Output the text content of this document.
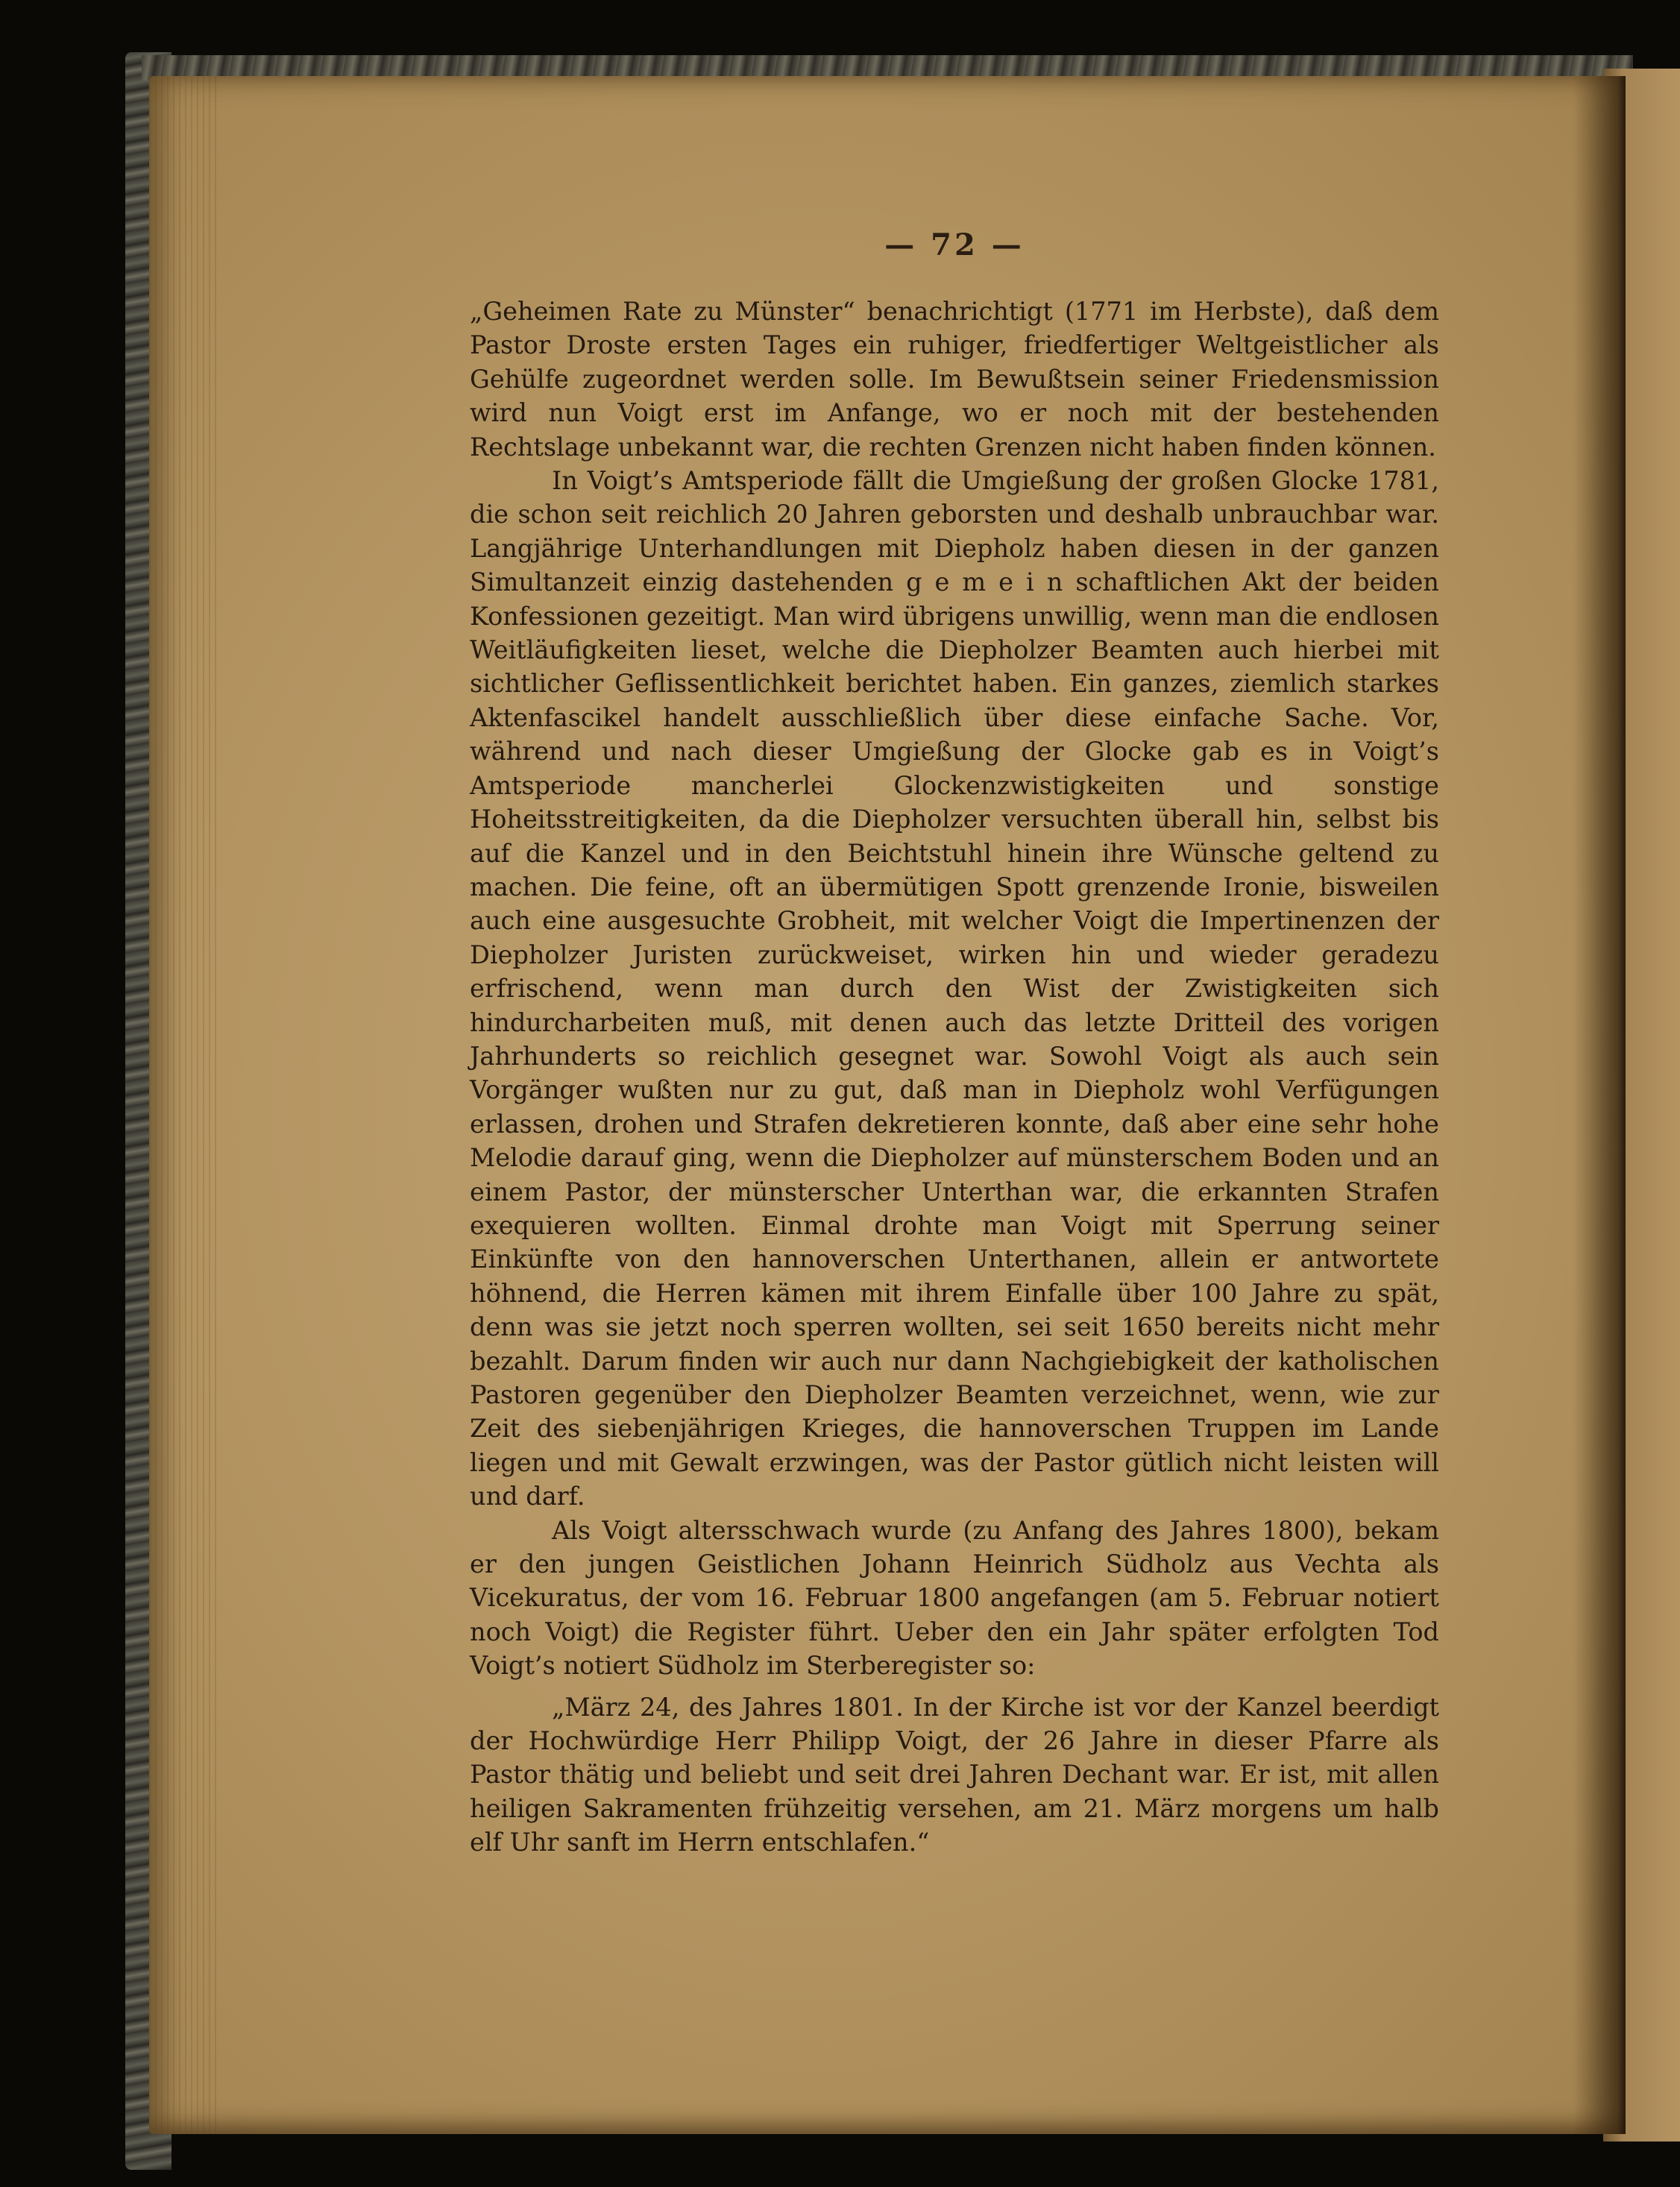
— 72 —

„Geheimen Rate zu Münster“ benachrichtigt (1771 im Herbste), daß dem Pastor Droste ersten Tages ein ruhiger, friedfertiger Weltgeistlicher als Gehülfe zugeordnet werden solle. Im Bewußtsein seiner Friedensmission wird nun Voigt erst im Anfange, wo er noch mit der bestehenden Rechtslage unbekannt war, die rechten Grenzen nicht haben finden können.

In Voigt’s Amtsperiode fällt die Umgießung der großen Glocke 1781, die schon seit reichlich 20 Jahren geborsten und deshalb unbrauchbar war. Langjährige Unterhandlungen mit Diepholz haben diesen in der ganzen Simultanzeit einzig dastehenden g e m e i n schaftlichen Akt der beiden Konfessionen gezeitigt. Man wird übrigens unwillig, wenn man die endlosen Weitläufigkeiten lieset, welche die Diepholzer Beamten auch hierbei mit sichtlicher Geflissentlichkeit berichtet haben. Ein ganzes, ziemlich starkes Aktenfascikel handelt ausschließlich über diese einfache Sache. Vor, während und nach dieser Umgießung der Glocke gab es in Voigt’s Amtsperiode mancherlei Glockenzwistigkeiten und sonstige Hoheitsstreitigkeiten, da die Diepholzer versuchten überall hin, selbst bis auf die Kanzel und in den Beichtstuhl hinein ihre Wünsche geltend zu machen. Die feine, oft an übermütigen Spott grenzende Ironie, bisweilen auch eine ausgesuchte Grobheit, mit welcher Voigt die Impertinenzen der Diepholzer Juristen zurückweiset, wirken hin und wieder geradezu erfrischend, wenn man durch den Wist der Zwistigkeiten sich hindurcharbeiten muß, mit denen auch das letzte Dritteil des vorigen Jahrhunderts so reichlich gesegnet war. Sowohl Voigt als auch sein Vorgänger wußten nur zu gut, daß man in Diepholz wohl Verfügungen erlassen, drohen und Strafen dekretieren konnte, daß aber eine sehr hohe Melodie darauf ging, wenn die Diepholzer auf münsterschem Boden und an einem Pastor, der münsterscher Unterthan war, die erkannten Strafen exequieren wollten. Einmal drohte man Voigt mit Sperrung seiner Einkünfte von den hannoverschen Unterthanen, allein er antwortete höhnend, die Herren kämen mit ihrem Einfalle über 100 Jahre zu spät, denn was sie jetzt noch sperren wollten, sei seit 1650 bereits nicht mehr bezahlt. Darum finden wir auch nur dann Nachgiebigkeit der katholischen Pastoren gegenüber den Diepholzer Beamten verzeichnet, wenn, wie zur Zeit des siebenjährigen Krieges, die hannoverschen Truppen im Lande liegen und mit Gewalt erzwingen, was der Pastor gütlich nicht leisten will und darf.

Als Voigt altersschwach wurde (zu Anfang des Jahres 1800), bekam er den jungen Geistlichen Johann Heinrich Südholz aus Vechta als Vicekuratus, der vom 16. Februar 1800 angefangen (am 5. Februar notiert noch Voigt) die Register führt. Ueber den ein Jahr später erfolgten Tod Voigt’s notiert Südholz im Sterberegister so:

„März 24, des Jahres 1801. In der Kirche ist vor der Kanzel beerdigt der Hochwürdige Herr Philipp Voigt, der 26 Jahre in dieser Pfarre als Pastor thätig und beliebt und seit drei Jahren Dechant war. Er ist, mit allen heiligen Sakramenten frühzeitig versehen, am 21. März morgens um halb elf Uhr sanft im Herrn entschlafen.“
